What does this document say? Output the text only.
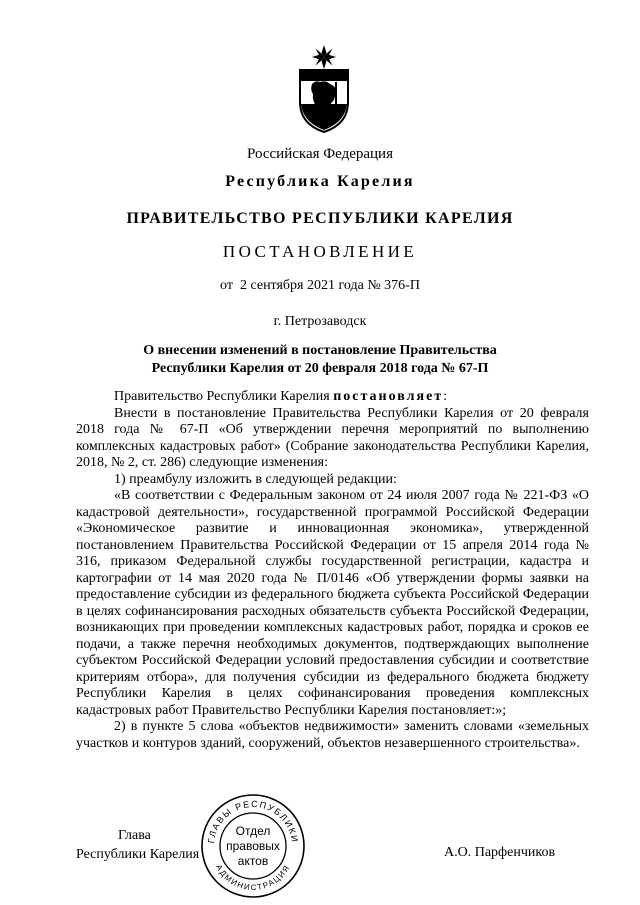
Российская Федерация
Республика Карелия
ПРАВИТЕЛЬСТВО РЕСПУБЛИКИ КАРЕЛИЯ
ПОСТАНОВЛЕНИЕ
от  2 сентября 2021 года № 376-П
г. Петрозаводск
О внесении изменений в постановление Правительства
Республики Карелия от 20 февраля 2018 года № 67-П

Правительство Республики Карелия постановляет:

Внести в постановление Правительства Республики Карелия от 20 февраля 2018 года № 67-П «Об утверждении перечня мероприятий по выполнению комплексных кадастровых работ» (Собрание законодательства Республики Карелия, 2018, № 2, ст. 286) следующие изменения:

1) преамбулу изложить в следующей редакции:

«В соответствии с Федеральным законом от 24 июля 2007 года № 221-ФЗ «О кадастровой деятельности», государственной программой Российской Федерации «Экономическое развитие и инновационная экономика», утвержденной постановлением Правительства Российской Федерации от 15 апреля 2014 года № 316, приказом Федеральной службы государственной регистрации, кадастра и картографии от 14 мая 2020 года № П/0146 «Об утверждении формы заявки на предоставление субсидии из федерального бюджета субъекта Российской Федерации в целях софинансирования расходных обязательств субъекта Российской Федерации, возникающих при проведении комплексных кадастровых работ, порядка и сроков ее подачи, а также перечня необходимых документов, подтверждающих выполнение субъектом Российской Федерации условий предоставления субсидии и соответствие критериям отбора», для получения субсидии из федерального бюджета бюджету Республики Карелия в целях софинансирования проведения комплексных кадастровых работ Правительство Республики Карелия постановляет:»;

2) в пункте 5 слова «объектов недвижимости» заменить словами «земельных участков и контуров зданий, сооружений, объектов незавершенного строительства».

Глава
Республики Карелия	А.О. Парфенчиков
ГЛАВЫ РЕСПУБЛИКИ
АДМИНИСТРАЦИЯ
Отдел
правовых
актов
